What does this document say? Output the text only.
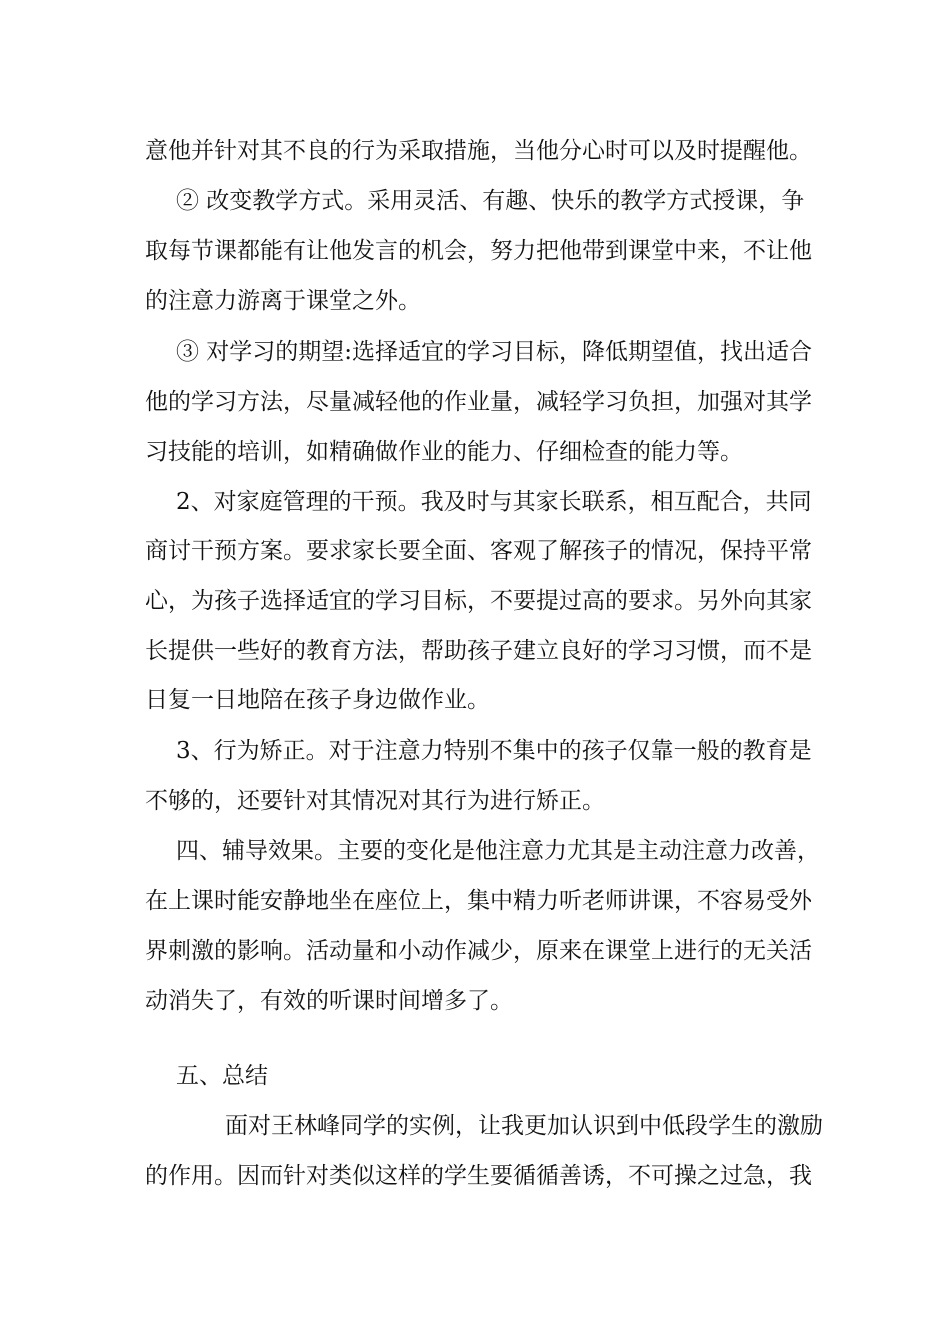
意他并针对其不良的行为采取措施，当他分心时可以及时提醒他。
② 改变教学方式。采用灵活、有趣、快乐的教学方式授课，争
取每节课都能有让他发言的机会，努力把他带到课堂中来，不让他
的注意力游离于课堂之外。
③ 对学习的期望:选择适宜的学习目标，降低期望值，找出适合
他的学习方法，尽量减轻他的作业量，减轻学习负担，加强对其学
习技能的培训，如精确做作业的能力、仔细检查的能力等。
2、对家庭管理的干预。我及时与其家长联系，相互配合，共同
商讨干预方案。要求家长要全面、客观了解孩子的情况，保持平常
心，为孩子选择适宜的学习目标，不要提过高的要求。另外向其家
长提供一些好的教育方法，帮助孩子建立良好的学习习惯，而不是
日复一日地陪在孩子身边做作业。
3、行为矫正。对于注意力特别不集中的孩子仅靠一般的教育是
不够的，还要针对其情况对其行为进行矫正。
四、辅导效果。主要的变化是他注意力尤其是主动注意力改善，
在上课时能安静地坐在座位上，集中精力听老师讲课，不容易受外
界刺激的影响。活动量和小动作减少，原来在课堂上进行的无关活
动消失了，有效的听课时间增多了。
五、总结
面对王林峰同学的实例，让我更加认识到中低段学生的激励
的作用。因而针对类似这样的学生要循循善诱，不可操之过急，我
